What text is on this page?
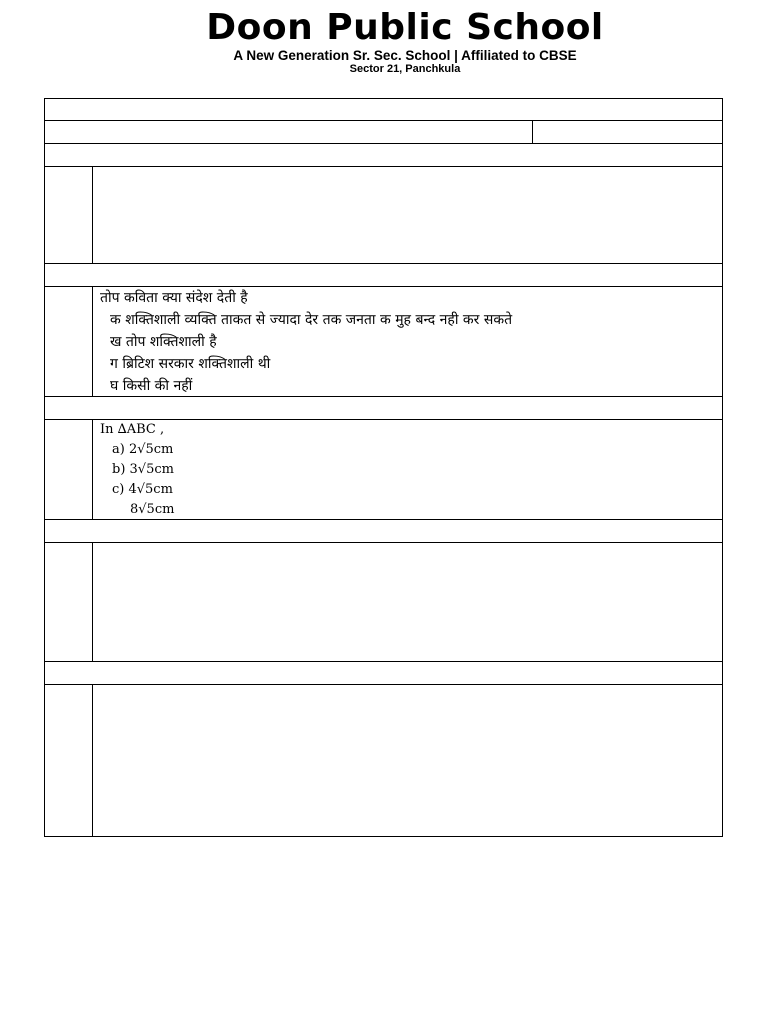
Doon Public School
A New Generation Sr. Sec. School | Affiliated to CBSE
Sector 21, Panchkula
तोप कविता क्या संदेश देती है
क शक्तिशाली व्यक्ति ताकत से ज्यादा देर तक जनता क मुह बन्द नही कर सकते
ख तोप शक्तिशाली है
ग ब्रिटिश सरकार शक्तिशाली थी
घ किसी की नहीं
In ∆ABC ,
a) 2√5cm
b) 3√5cm
c) 4√5cm
8√5cm
